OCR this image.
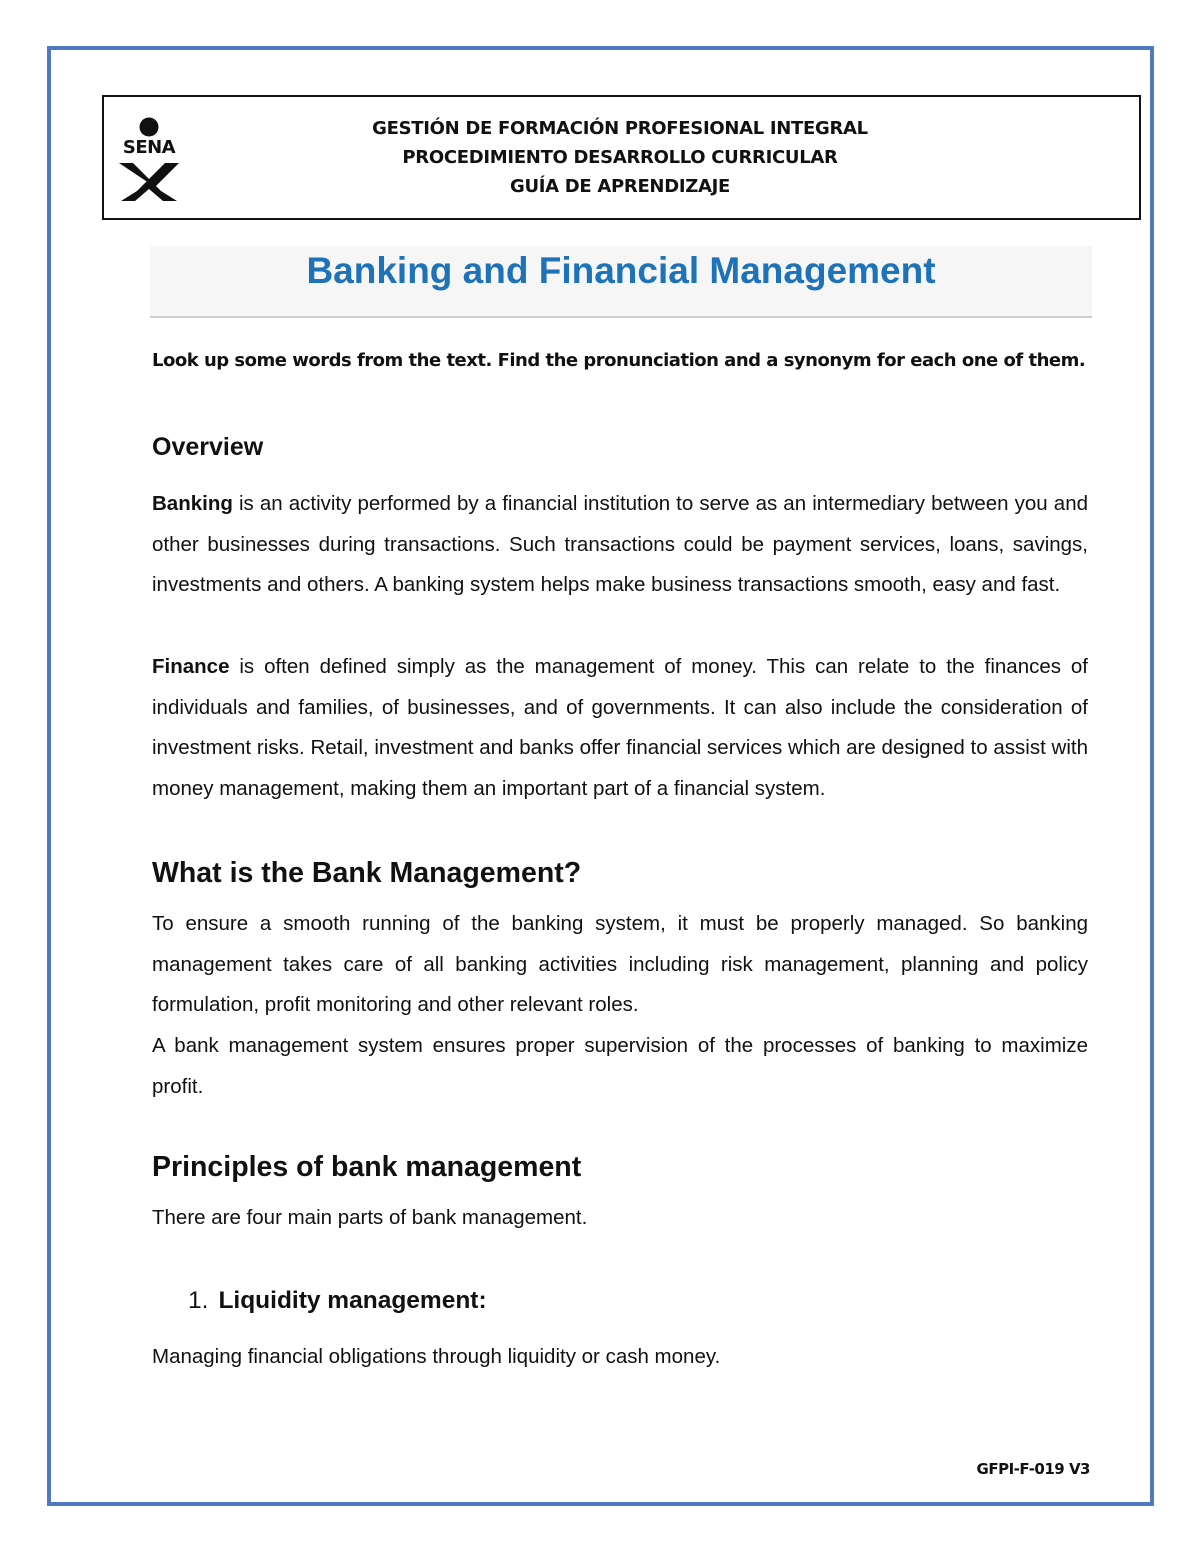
SENA
GESTIÓN DE FORMACIÓN PROFESIONAL INTEGRAL
PROCEDIMIENTO DESARROLLO CURRICULAR
GUÍA DE APRENDIZAJE
Banking and Financial Management

Look up some words from the text. Find the pronunciation and a synonym for each one of them.

Overview

Banking is an activity performed by a financial institution to serve as an intermediary between you and other businesses during transactions. Such transactions could be payment services, loans, savings, investments and others. A banking system helps make business transactions smooth, easy and fast.

Finance is often defined simply as the management of money. This can relate to the finances of individuals and families, of businesses, and of governments. It can also include the consideration of investment risks. Retail, investment and banks offer financial services which are designed to assist with money management, making them an important part of a financial system.

What is the Bank Management?

To ensure a smooth running of the banking system, it must be properly managed. So banking management takes care of all banking activities including risk management, planning and policy formulation, profit monitoring and other relevant roles.

A bank management system ensures proper supervision of the processes of banking to maximize profit.

Principles of bank management

There are four main parts of bank management.

1. Liquidity management:

Managing financial obligations through liquidity or cash money.

GFPI-F-019 V3
